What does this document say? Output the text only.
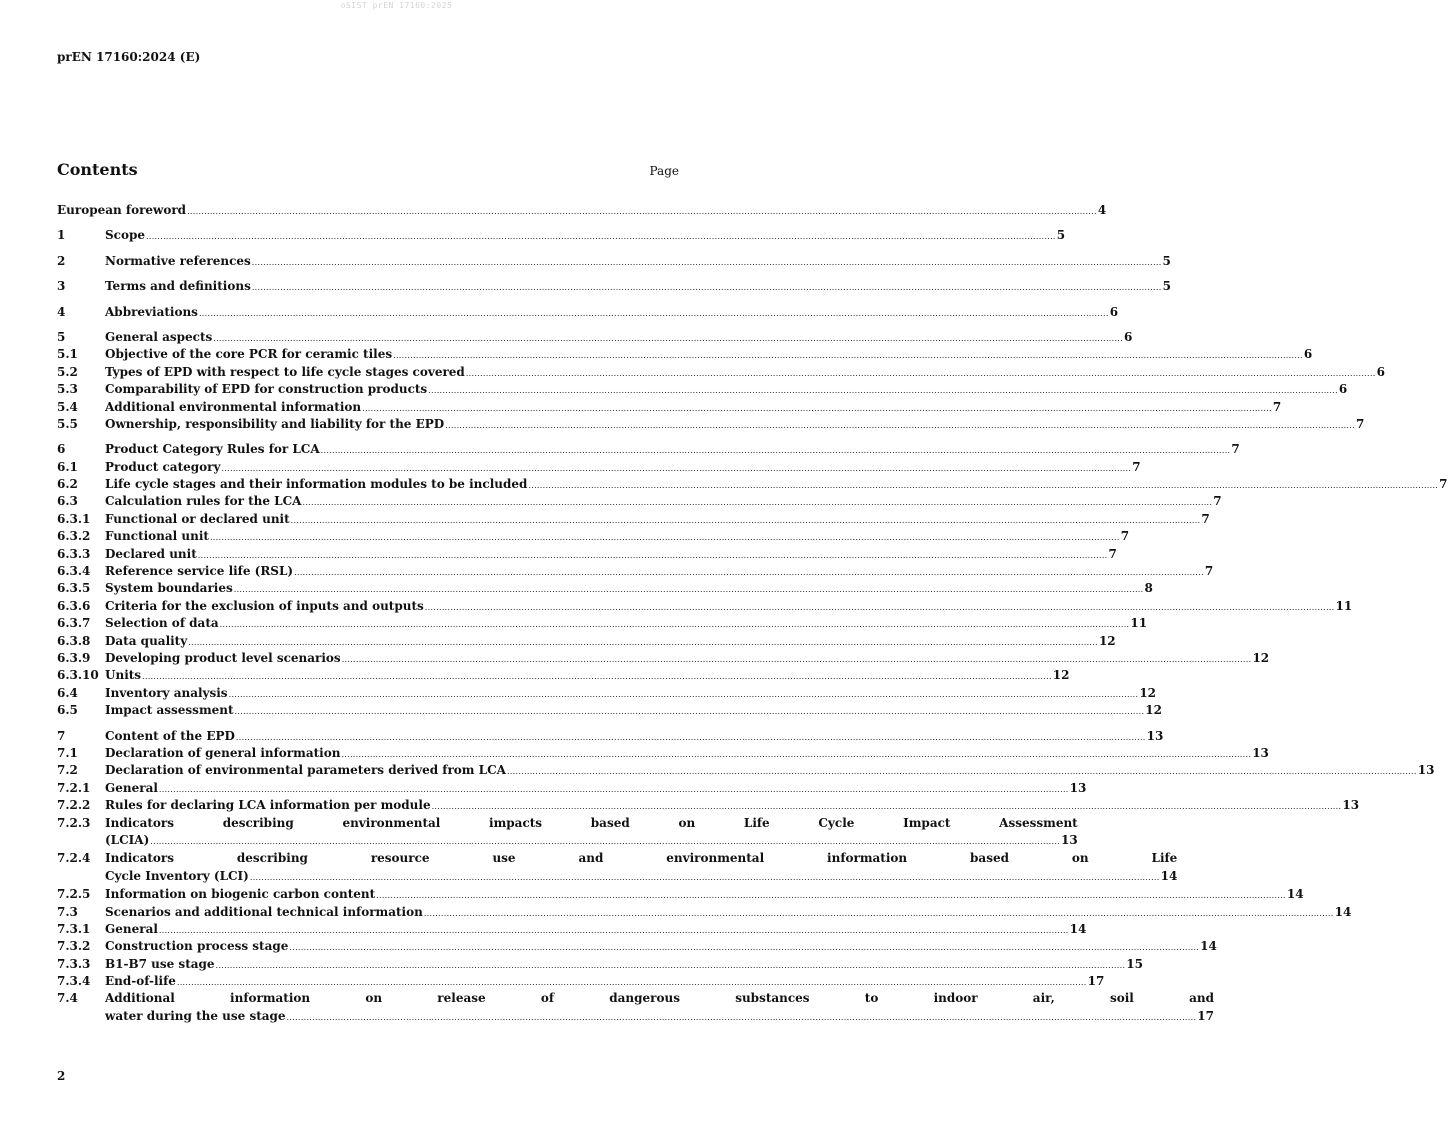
oSIST prEN 17160:2025
prEN 17160:2024 (E)
Contents	Page
European foreword .....	4
1	Scope .....	5
2	Normative references .....	5
3	Terms and definitions .....	5
4	Abbreviations .....	6
5	General aspects .....	6
5.1	Objective of the core PCR for ceramic tiles .....	6
5.2	Types of EPD with respect to life cycle stages covered .....	6
5.3	Comparability of EPD for construction products .....	6
5.4	Additional environmental information .....	7
5.5	Ownership, responsibility and liability for the EPD .....	7
6	Product Category Rules for LCA .....	7
6.1	Product category .....	7
6.2	Life cycle stages and their information modules to be included .....	7
6.3	Calculation rules for the LCA .....	7
6.3.1	Functional or declared unit .....	7
6.3.2	Functional unit .....	7
6.3.3	Declared unit .....	7
6.3.4	Reference service life (RSL) .....	7
6.3.5	System boundaries .....	8
6.3.6	Criteria for the exclusion of inputs and outputs .....	11
6.3.7	Selection of data .....	11
6.3.8	Data quality .....	12
6.3.9	Developing product level scenarios .....	12
6.3.10 Units .....	12
6.4	Inventory analysis .....	12
6.5	Impact assessment .....	12
7	Content of the EPD .....	13
7.1	Declaration of general information .....	13
7.2	Declaration of environmental parameters derived from LCA .....	13
7.2.1	General .....	13
7.2.2	Rules for declaring LCA information per module .....	13
7.2.3	Indicators describing environmental impacts based on Life Cycle Impact Assessment
(LCIA) .....	13
7.2.4	Indicators describing resource use and environmental information based on Life
Cycle Inventory (LCI) .....	14
7.2.5	Information on biogenic carbon content .....	14
7.3	Scenarios and additional technical information .....	14
7.3.1	General .....	14
7.3.2	Construction process stage .....	14
7.3.3	B1-B7 use stage .....	15
7.3.4	End-of-life .....	17
7.4	Additional information on release of dangerous substances to indoor air, soil and
water during the use stage .....	17
2
